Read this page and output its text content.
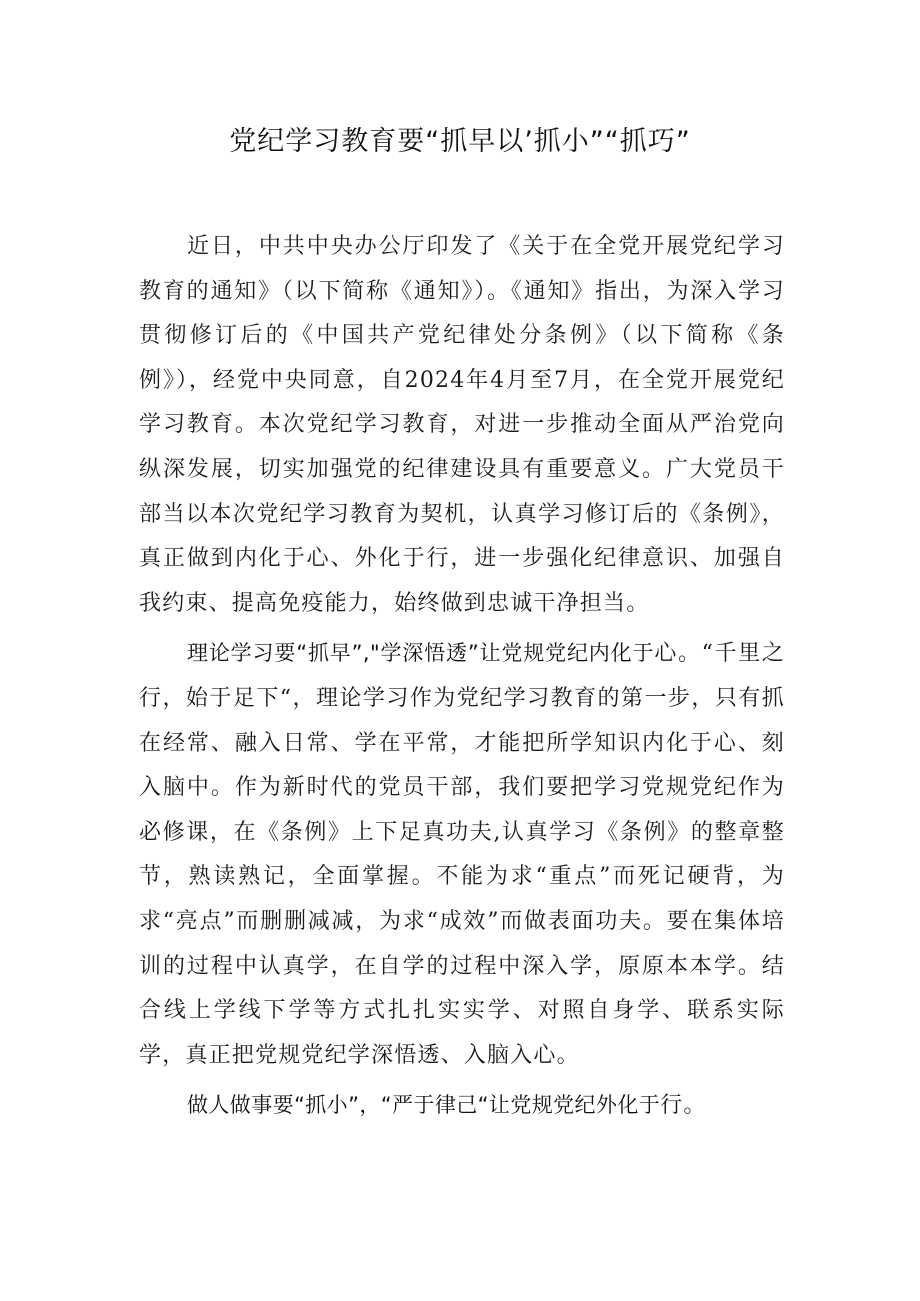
党纪学习教育要“抓早以’抓小”“抓巧”

近日，中共中央办公厅印发了《关于在全党开展党纪学习教育的通知》（以下简称《通知》）。《通知》指出，为深入学习贯彻修订后的《中国共产党纪律处分条例》（以下简称《条例》），经党中央同意，自2024年4月至7月，在全党开展党纪学习教育。本次党纪学习教育，对进一步推动全面从严治党向纵深发展，切实加强党的纪律建设具有重要意义。广大党员干部当以本次党纪学习教育为契机，认真学习修订后的《条例》，真正做到内化于心、外化于行，进一步强化纪律意识、加强自我约束、提高免疫能力，始终做到忠诚干净担当。

理论学习要“抓早”,"学深悟透”让党规党纪内化于心。“千里之行，始于足下“，理论学习作为党纪学习教育的第一步，只有抓在经常、融入日常、学在平常，才能把所学知识内化于心、刻入脑中。作为新时代的党员干部，我们要把学习党规党纪作为必修课，在《条例》上下足真功夫,认真学习《条例》的整章整节，熟读熟记，全面掌握。不能为求“重点”而死记硬背，为求“亮点”而删删减减，为求“成效”而做表面功夫。要在集体培训的过程中认真学，在自学的过程中深入学，原原本本学。结合线上学线下学等方式扎扎实实学、对照自身学、联系实际学，真正把党规党纪学深悟透、入脑入心。

做人做事要“抓小”，“严于律己“让党规党纪外化于行。
